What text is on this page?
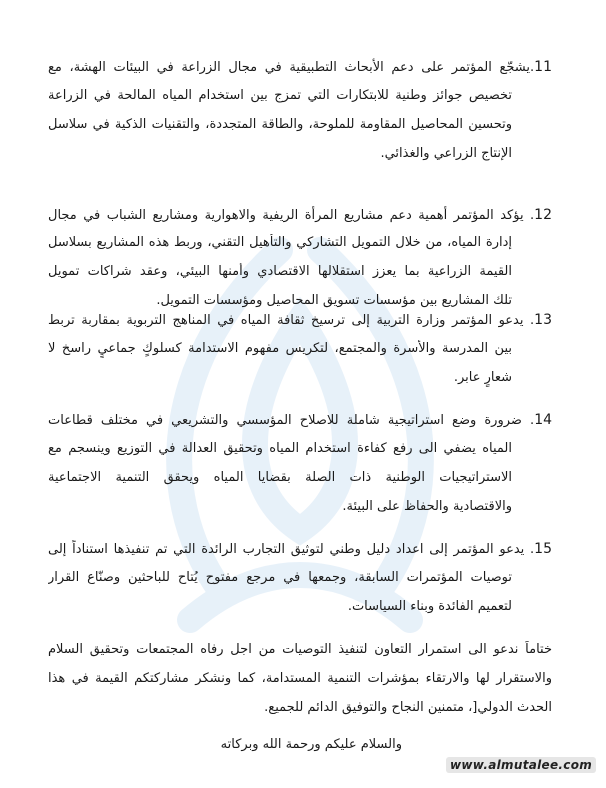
11.يشجّع المؤتمر على دعم الأبحاث التطبيقية في مجال الزراعة في البيئات الهشة، مع
تخصيص جوائز وطنية للابتكارات التي تمزج بين استخدام المياه المالحة في الزراعة
وتحسين المحاصيل المقاومة للملوحة، والطاقة المتجددة، والتقنيات الذكية في سلاسل
الإنتاج الزراعي والغذائي.
12. يؤكد المؤتمر أهمية دعم مشاريع المرأة الريفية والاهوارية ومشاريع الشباب في مجال
إدارة المياه، من خلال التمويل التشاركي والتأهيل التقني، وربط هذه المشاريع بسلاسل
القيمة الزراعية بما يعزز استقلالها الاقتصادي وأمنها البيئي، وعقد شراكات تمويل
تلك المشاريع بين مؤسسات تسويق المحاصيل ومؤسسات التمويل.
13. يدعو المؤتمر وزارة التربية إلى ترسيخ ثقافة المياه في المناهج التربوية بمقاربة تربط
بين المدرسة والأسرة والمجتمع، لتكريس مفهوم الاستدامة كسلوكٍ جماعيٍ راسخ لا
شعارٍ عابر.
14. ضرورة وضع استراتيجية شاملة للاصلاح المؤسسي والتشريعي في مختلف قطاعات
المياه يضفي الى رفع كفاءة استخدام المياه وتحقيق العدالة في التوزيع وينسجم مع
الاستراتيجيات الوطنية ذات الصلة بقضايا المياه ويحقق التنمية الاجتماعية
والاقتصادية والحفاظ على البيئة.
15. يدعو المؤتمر إلى اعداد دليل وطني لتوثيق التجارب الرائدة التي تم تنفيذها استناداً إلى
توصيات المؤتمرات السابقة، وجمعها في مرجع مفتوح يُتاح للباحثين وصنّاع القرار
لتعميم الفائدة وبناء السياسات.
ختاماً ندعو الى استمرار التعاون لتنفيذ التوصيات من اجل رفاه المجتمعات وتحقيق السلام
والاستقرار لها والارتقاء بمؤشرات التنمية المستدامة، كما ونشكر مشاركتكم القيمة في هذا
الحدث الدولي[، متمنين النجاح والتوفيق الدائم للجميع.
والسلام عليكم ورحمة الله وبركاته
www.almutalee.com
